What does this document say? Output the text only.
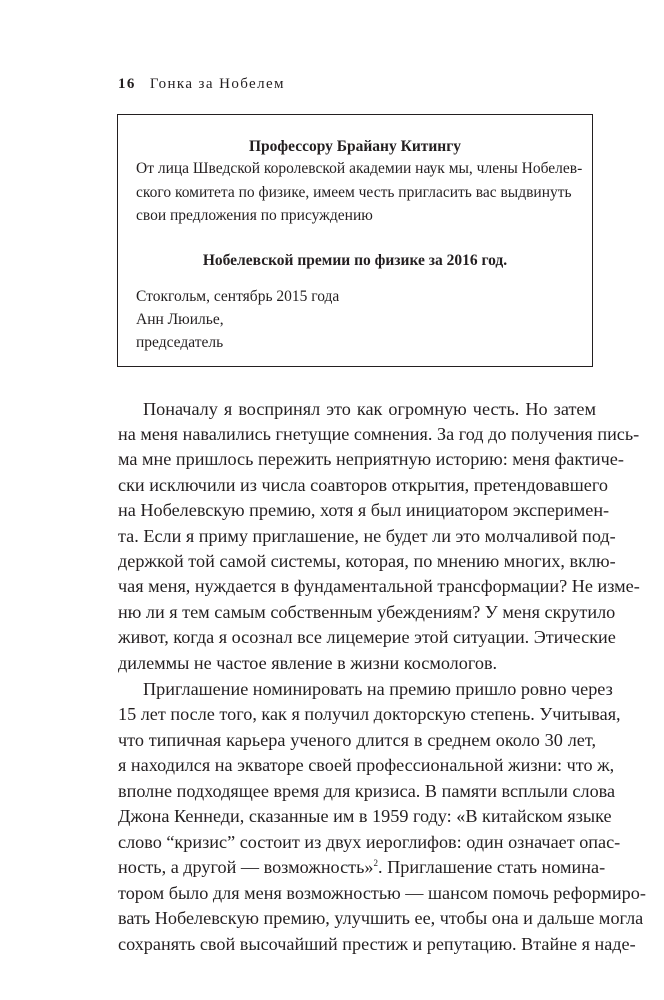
16 Гонка за Нобелем
Профессору Брайану Китингу
От лица Шведской королевской академии наук мы, члены Нобелев-
ского комитета по физике, имеем честь пригласить вас выдвинуть
свои предложения по присуждению
Нобелевской премии по физике за 2016 год.
Стокгольм, сентябрь 2015 года
Анн Люилье,
председатель
Поначалу я воспринял это как огромную честь. Но затем
на меня навалились гнетущие сомнения. За год до получения пись-
ма мне пришлось пережить неприятную историю: меня фактиче-
ски исключили из числа соавторов открытия, претендовавшего
на Нобелевскую премию, хотя я был инициатором эксперимен-
та. Если я приму приглашение, не будет ли это молчаливой под-
держкой той самой системы, которая, по мнению многих, вклю-
чая меня, нуждается в фундаментальной трансформации? Не изме-
ню ли я тем самым собственным убеждениям? У меня скрутило
живот, когда я осознал все лицемерие этой ситуации. Этические
дилеммы не частое явление в жизни космологов.
Приглашение номинировать на премию пришло ровно через
15 лет после того, как я получил докторскую степень. Учитывая,
что типичная карьера ученого длится в среднем около 30 лет,
я находился на экваторе своей профессиональной жизни: что ж,
вполне подходящее время для кризиса. В памяти всплыли слова
Джона Кеннеди, сказанные им в 1959 году: «В китайском языке
слово “кризис” состоит из двух иероглифов: один означает опас-
ность, а другой — возможность»$^2$. Приглашение стать номина-
тором было для меня возможностью — шансом помочь реформиро-
вать Нобелевскую премию, улучшить ее, чтобы она и дальше могла
сохранять свой высочайший престиж и репутацию. Втайне я наде-
